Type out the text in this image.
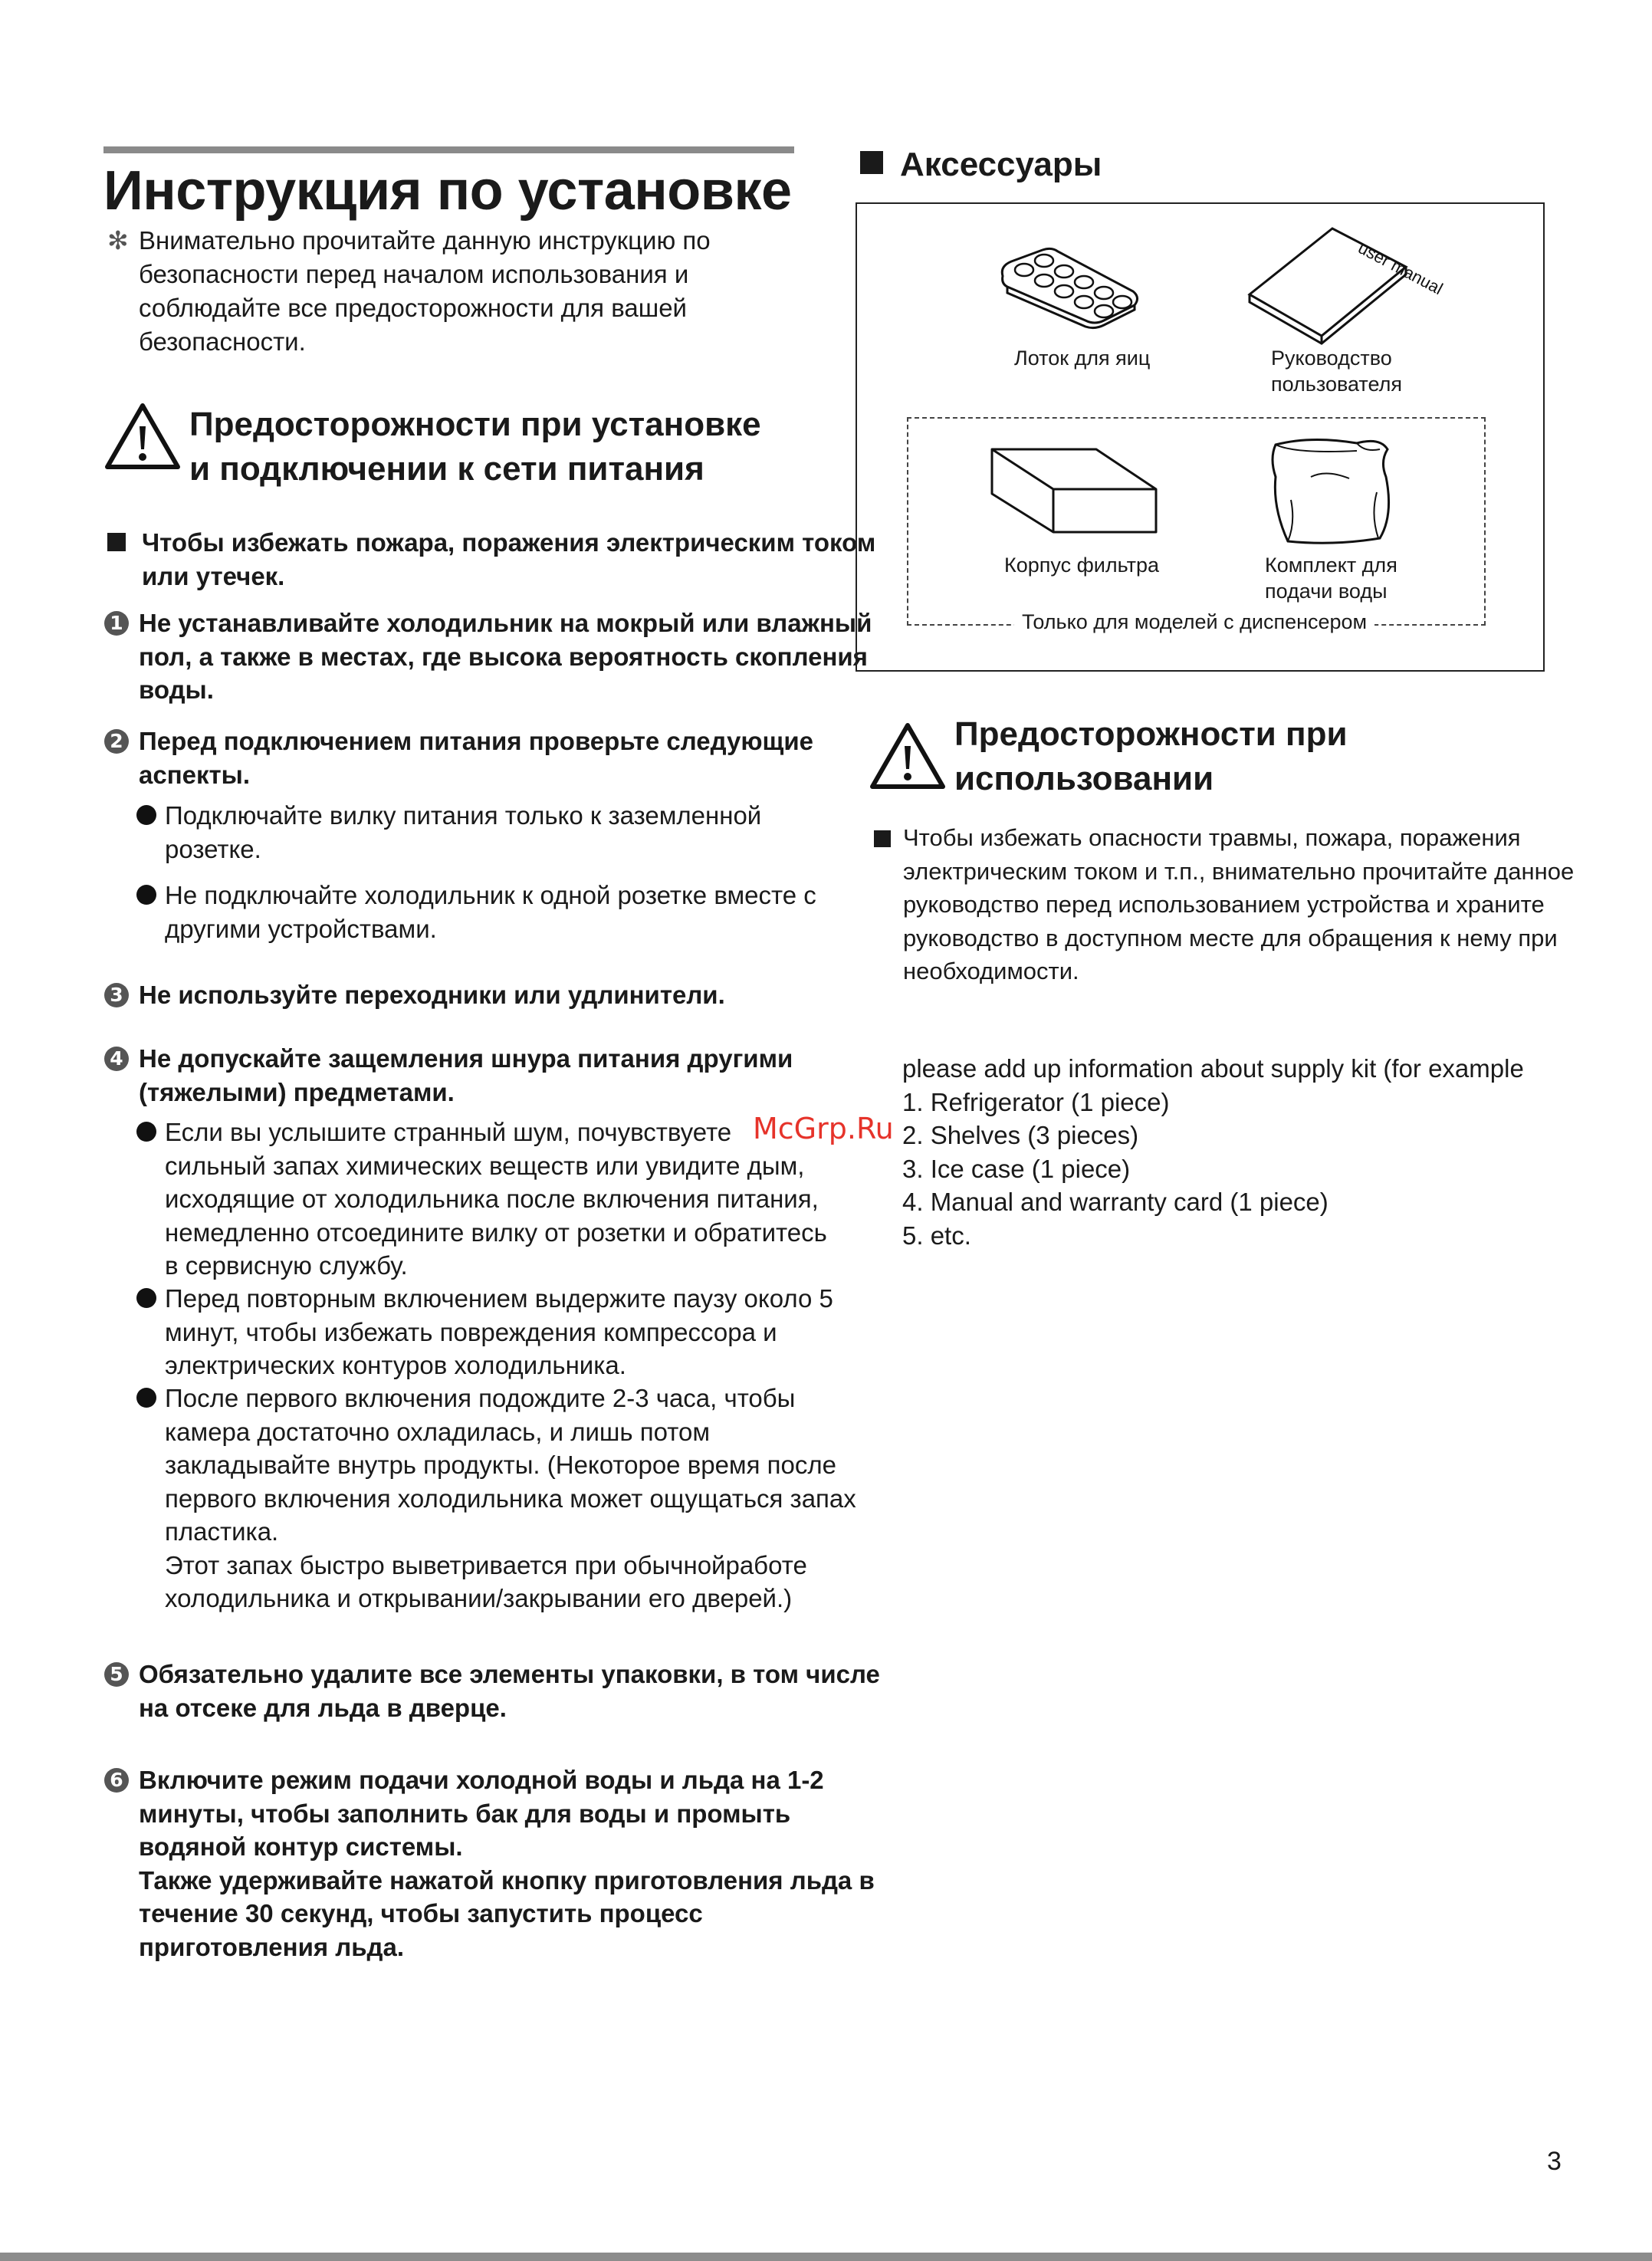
Инструкция по установке
✻ Внимательно прочитайте данную инструкцию по безопасности перед началом использования и соблюдайте все предосторожности для вашей безопасности.
Предосторожности при установке
и подключении к сети питания
Чтобы избежать пожара, поражения электрическим током или утечек.
1 Не устанавливайте холодильник на мокрый или влажный пол, а также в местах, где высока вероятность скопления воды.
2 Перед подключением питания проверьте следующие аспекты.
Подключайте вилку питания только к заземленной розетке.
Не подключайте холодильник к одной розетке вместе с другими устройствами.
3 Не используйте переходники или удлинители.
4 Не допускайте защемления шнура питания другими (тяжелыми) предметами.
Если вы услышите странный шум, почувствуете сильный запах химических веществ или увидите дым, исходящие от холодильника после включения питания, немедленно отсоедините вилку от розетки и обратитесь в сервисную службу.
Перед повторным включением выдержите паузу около 5 минут, чтобы избежать повреждения компрессора и электрических контуров холодильника.
После первого включения подождите 2-3 часа, чтобы камера достаточно охладилась, и лишь потом закладывайте внутрь продукты. (Некоторое время после первого включения холодильника может ощущаться запах пластика.
Этот запах быстро выветривается при обычнойработе холодильника и открывании/закрывании его дверей.)
5 Обязательно удалите все элементы упаковки, в том числе на отсеке для льда в дверце.
6 Включите режим подачи холодной воды и льда на 1-2 минуты, чтобы заполнить бак для воды и промыть водяной контур системы.
Также удерживайте нажатой кнопку приготовления льда в течение 30 секунд, чтобы запустить процесс приготовления льда.
Аксессуары
Лоток для яиц
user manual
Руководство
пользователя
Корпус фильтра	Комплект для
подачи воды
Только для моделей с диспенсером
Предосторожности при
использовании
Чтобы избежать опасности травмы, пожара, поражения электрическим током и т.п., внимательно прочитайте данное руководство перед использованием устройства и храните руководство в доступном месте для обращения к нему при необходимости.
please add up information about supply kit (for example
1. Refrigerator (1 piece)
2. Shelves (3 pieces)
3. Ice case (1 piece)
4. Manual and warranty card (1 piece)
5. etc.
McGrp.Ru
3
